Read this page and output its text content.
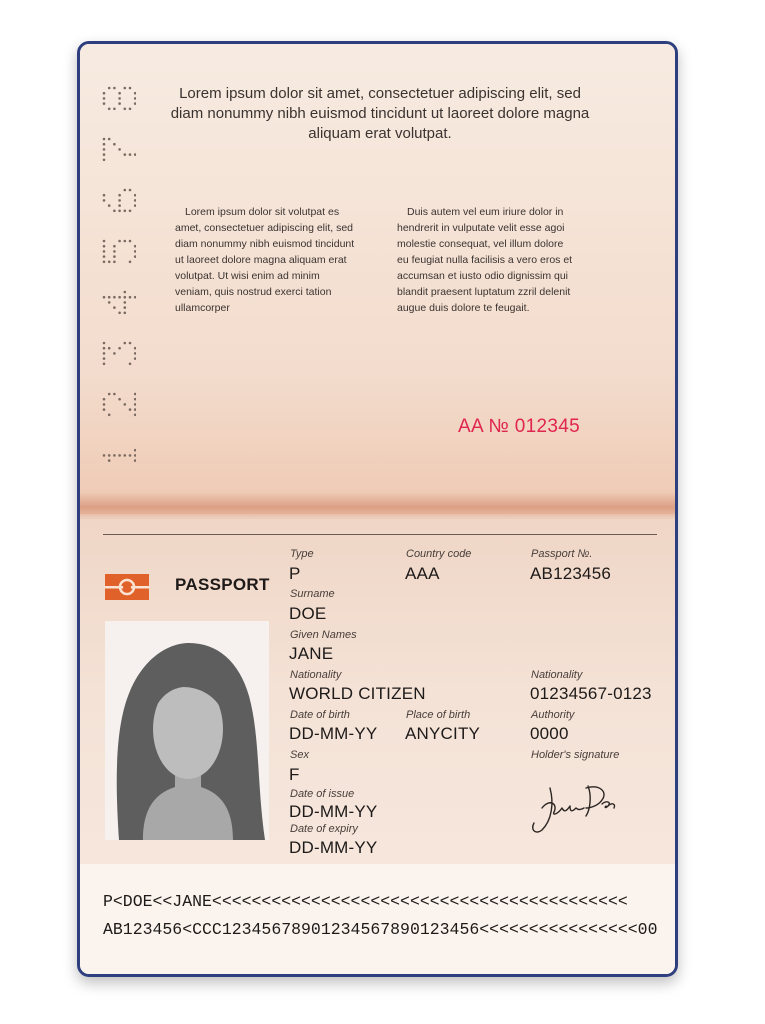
Lorem ipsum dolor sit amet, consectetuer adipiscing elit, sed diam nonummy nibh euismod tincidunt ut laoreet dolore magna aliquam erat volutpat.

Lorem ipsum dolor sit volutpat es amet, consectetuer adipiscing elit, sed diam nonummy nibh euismod tincidunt ut laoreet dolore magna aliquam erat volutpat. Ut wisi enim ad minim veniam, quis nostrud exerci tation ullamcorper

Duis autem vel eum iriure dolor in hendrerit in vulputate velit esse agoi molestie consequat, vel illum dolore eu feugiat nulla facilisis a vero eros et accumsan et iusto odio dignissim qui blandit praesent luptatum zzril delenit augue duis dolore te feugait.

AA № 012345
PASSPORT
Type
P
Country code
AAA
Passport №.
AB123456
Surname
DOE
Given Names
JANE
Nationality
WORLD CITIZEN
Nationality
01234567-0123
Date of birth
DD-MM-YY
Place of birth
ANYCITY
Authority
0000
Sex
F
Holder's signature
Date of issue
DD-MM-YY
Date of expiry
DD-MM-YY
P<DOE<<JANE<<<<<<<<<<<<<<<<<<<<<<<<<<<<<<<<<<<<<<<<<<
AB123456<CCC12345678901234567890123456<<<<<<<<<<<<<<<<00
